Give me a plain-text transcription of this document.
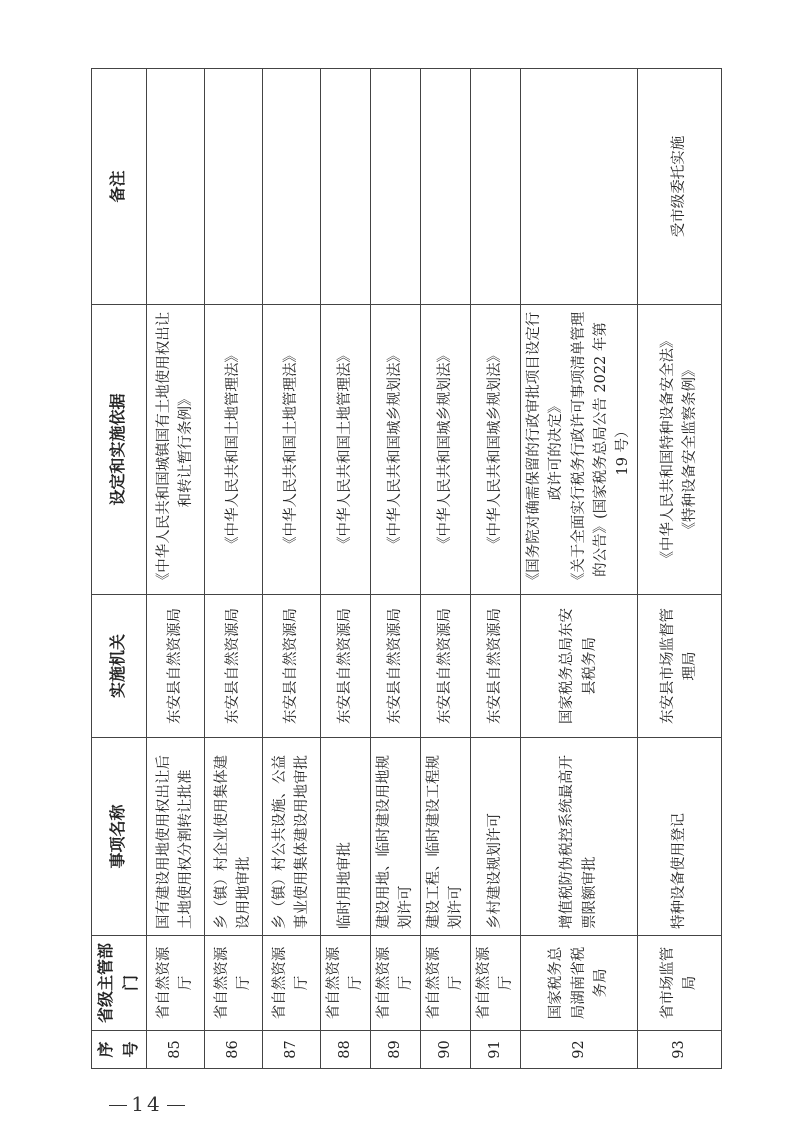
序号	省级主管部门	事项名称	实施机关	设定和实施依据	备注
85	省自然资源厅	国有建设用地使用权出让后土地使用权分割转让批准	东安县自然资源局	《中华人民共和国城镇国有土地使用权出让和转让暂行条例》	

86	省自然资源厅	乡（镇）村企业使用集体建设用地审批	东安县自然资源局	《中华人民共和国土地管理法》	

87	省自然资源厅	乡（镇）村公共设施、公益事业使用集体建设用地审批	东安县自然资源局	《中华人民共和国土地管理法》	

88	省自然资源厅	临时用地审批	东安县自然资源局	《中华人民共和国土地管理法》	

89	省自然资源厅	建设用地、临时建设用地规划许可	东安县自然资源局	《中华人民共和国城乡规划法》	

90	省自然资源厅	建设工程、临时建设工程规划许可	东安县自然资源局	《中华人民共和国城乡规划法》	

91	省自然资源厅	乡村建设规划许可	东安县自然资源局	《中华人民共和国城乡规划法》	

92	国家税务总局湖南省税务局	增值税防伪税控系统最高开票限额审批	国家税务总局东安县税务局	《国务院对确需保留的行政审批项目设定行政许可的决定》 《关于全面实行税务行政许可事项清单管理的公告》(国家税务总局公告 2022 年第 19 号）	

93	省市场监管局	特种设备使用登记	东安县市场监督管理局	《中华人民共和国特种设备安全法》 《特种设备安全监察条例》	受市级委托实施
14
